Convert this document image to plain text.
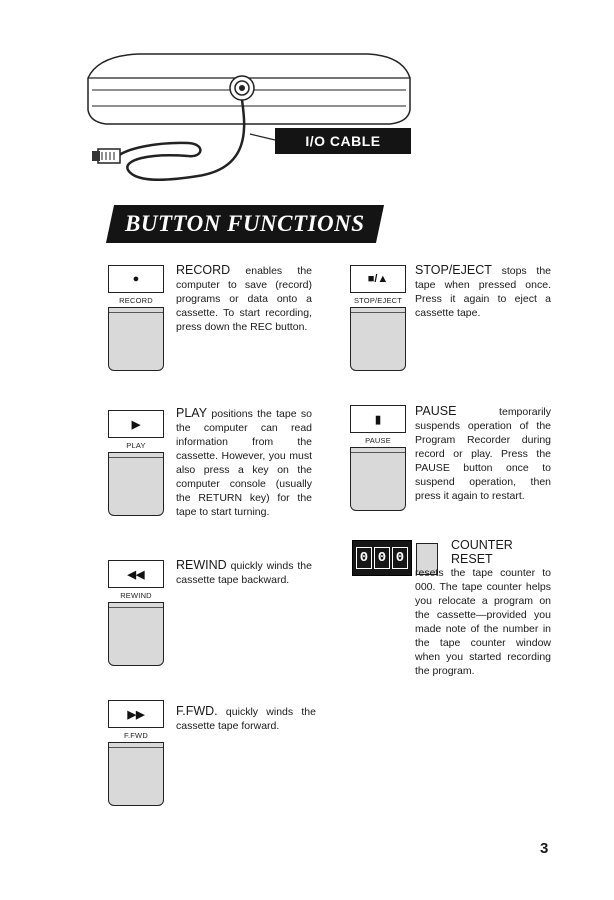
I/O CABLE
BUTTON FUNCTIONS
●
RECORD
RECORD enables the computer to save (record) programs or data onto a cassette. To start recording, press down the REC button.
■/▲
STOP/EJECT
STOP/EJECT stops the tape when pressed once. Press it again to eject a cassette tape.
▶
PLAY
PLAY positions the tape so the computer can read information from the cassette. However, you must also press a key on the computer console (usually the RETURN key) for the tape to start turning.
▮
PAUSE
PAUSE temporarily suspends operation of the Program Recorder during record or play. Press the PAUSE button once to suspend operation, then press it again to restart.
◀◀
REWIND
REWIND quickly winds the cassette tape backward.
0 0 0
COUNTER RESET
resets the tape counter to 000. The tape counter helps you relocate a program on the cassette—provided you made note of the number in the tape counter window when you started recording the program.
▶▶
F.FWD
F.FWD. quickly winds the cassette tape forward.
3
